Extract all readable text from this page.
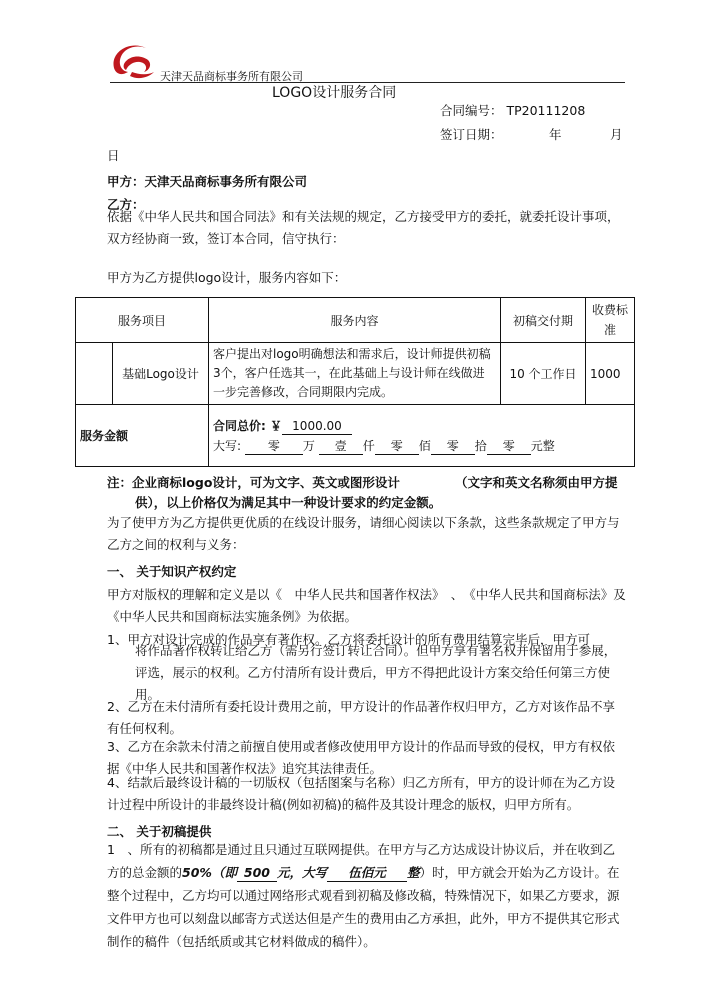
天津天品商标事务所有限公司
LOGO设计服务合同
合同编号： TP20111208
签订日期：	年	月
日
甲方：天津天品商标事务所有限公司
乙方：
依据《中华人民共和国合同法》和有关法规的规定，乙方接受甲方的委托，就委托设计事项，双方经协商一致，签订本合同，信守执行：
甲方为乙方提供logo设计，服务内容如下：
服务项目		服务内容	初稿交付期	收费标准
	基础Logo设计	客户提出对logo明确想法和需求后，设计师提供初稿3个，客户任选其一，在此基础上与设计师在线做进一步完善修改，合同期限内完成。	10 个工作日	1000
服务金额		合同总价: ￥ 1000.00
大写: 零 万 壹 仟 零 佰 零 拾 零 元整		
注：企业商标logo设计，可为文字、英文或图形设计	（文字和英文名称须由甲方提
供），以上价格仅为满足其中一种设计要求的约定金额。
为了使甲方为乙方提供更优质的在线设计服务，请细心阅读以下条款，这些条款规定了甲方与乙方之间的权利与义务：
一、 关于知识产权约定
甲方对版权的理解和定义是以《　中华人民共和国著作权法》　、　《中华人民共和国商标法》及《中华人民共和国商标法实施条例》为依据。
1、甲方对设计完成的作品享有著作权。乙方将委托设计的所有费用结算完毕后，甲方可
将作品著作权转让给乙方（需另行签订转让合同）。但甲方享有署名权并保留用于参展，评选，展示的权利。乙方付清所有设计费后，甲方不得把此设计方案交给任何第三方使用。
2、乙方在未付清所有委托设计费用之前，甲方设计的作品著作权归甲方，乙方对该作品不享有任何权利。
3、乙方在余款未付清之前擅自使用或者修改使用甲方设计的作品而导致的侵权，甲方有权依据《中华人民共和国著作权法》追究其法律责任。
4、结款后最终设计稿的一切版权（包括图案与名称）归乙方所有，甲方的设计师在为乙方设计过程中所设计的非最终设计稿(例如初稿)的稿件及其设计理念的版权，归甲方所有。
二、 关于初稿提供
1　、所有的初稿都是通过且只通过互联网提供。在甲方与乙方达成设计协议后，并在收到乙方的总金额的50%（即 500 元，大写 伍佰元 整）时，甲方就会开始为乙方设计。在整个过程中，乙方均可以通过网络形式观看到初稿及修改稿，特殊情况下，如果乙方要求，源文件甲方也可以刻盘以邮寄方式送达但是产生的费用由乙方承担，此外，甲方不提供其它形式制作的稿件（包括纸质或其它材料做成的稿件）。
